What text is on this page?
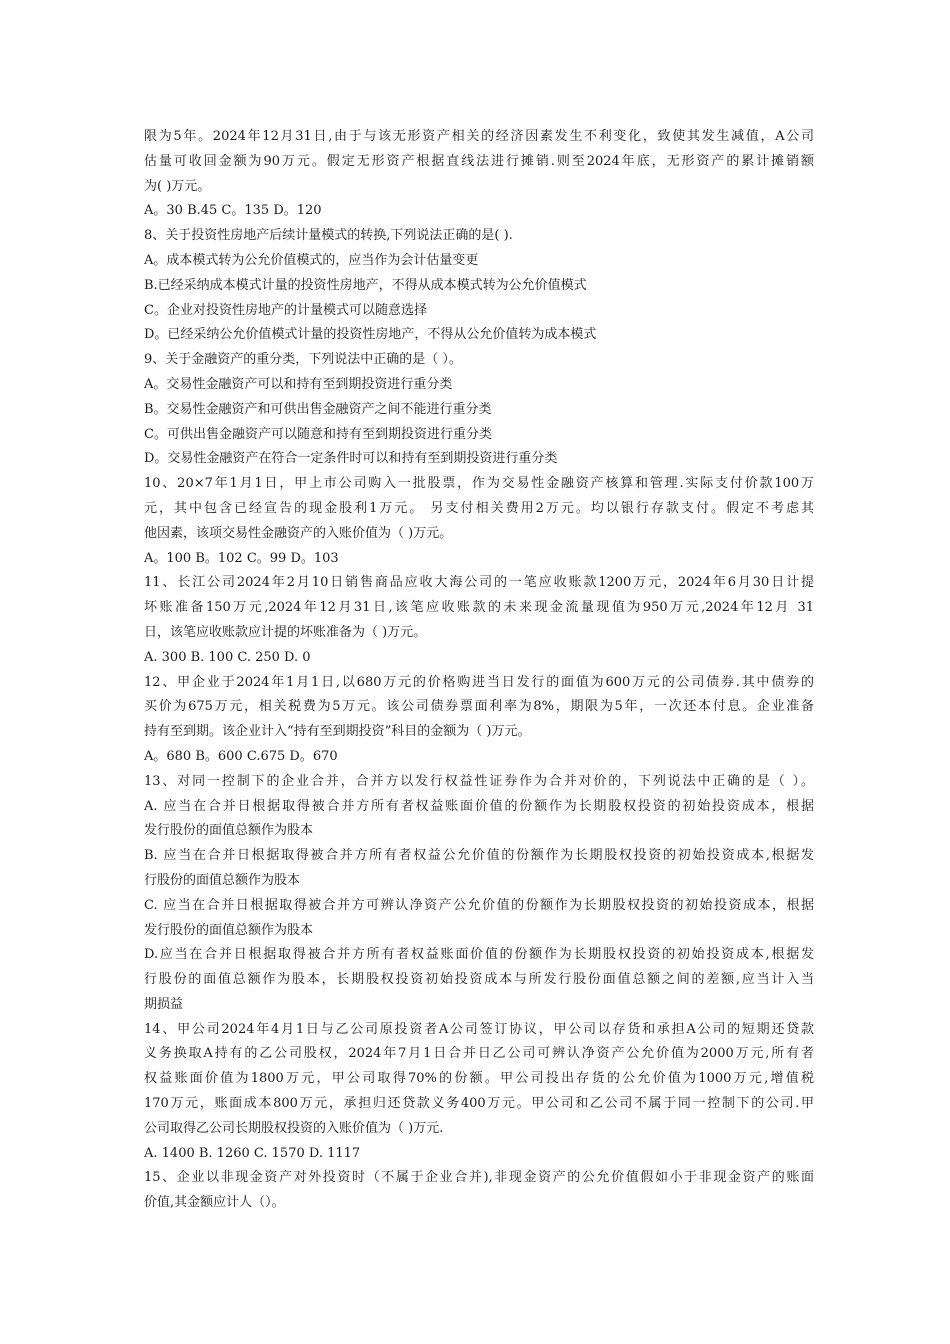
限为5年。2024年12月31日,由于与该无形资产相关的经济因素发生不利变化，致使其发生减值，A公司
估量可收回金额为90万元。假定无形资产根据直线法进行摊销.则至2024年底，无形资产的累计摊销额
为( )万元。
A。30 B.45 C。135 D。120
8、关于投资性房地产后续计量模式的转换,下列说法正确的是( ).
A。成本模式转为公允价值模式的，应当作为会计估量变更
B.已经采纳成本模式计量的投资性房地产，不得从成本模式转为公允价值模式
C。企业对投资性房地产的计量模式可以随意选择
D。已经采纳公允价值模式计量的投资性房地产，不得从公允价值转为成本模式
9、关于金融资产的重分类，下列说法中正确的是（ ）。
A。交易性金融资产可以和持有至到期投资进行重分类
B。交易性金融资产和可供出售金融资产之间不能进行重分类
C。可供出售金融资产可以随意和持有至到期投资进行重分类
D。交易性金融资产在符合一定条件时可以和持有至到期投资进行重分类
10、20×7年1月1日，甲上市公司购入一批股票，作为交易性金融资产核算和管理.实际支付价款100万
元，其中包含已经宣告的现金股利1万元。 另支付相关费用2万元。均以银行存款支付。假定不考虑其
他因素，该项交易性金融资产的入账价值为（ )万元。
A。100 B。102 C。99 D。103
11、长江公司2024年2月10日销售商品应收大海公司的一笔应收账款1200万元，2024年6月30日计提
坏账准备150万元,2024年12月31日,该笔应收账款的未来现金流量现值为950万元,2024年12月 31
日，该笔应收账款应计提的坏账准备为（ )万元。
A. 300 B. 100 C. 250 D. 0
12、甲企业于2024年1月1日,以680万元的价格购进当日发行的面值为600万元的公司债券.其中债券的
买价为675万元，相关税费为5万元。该公司债券票面利率为8%，期限为5年，一次还本付息。企业准备
持有至到期。该企业计入“持有至到期投资”科目的金额为（ )万元。
A。680 B。600 C.675 D。670
13、对同一控制下的企业合并，合并方以发行权益性证券作为合并对价的，下列说法中正确的是（ ）。
A. 应当在合并日根据取得被合并方所有者权益账面价值的份额作为长期股权投资的初始投资成本，根据
发行股份的面值总额作为股本
B. 应当在合并日根据取得被合并方所有者权益公允价值的份额作为长期股权投资的初始投资成本,根据发
行股份的面值总额作为股本
C. 应当在合并日根据取得被合并方可辨认净资产公允价值的份额作为长期股权投资的初始投资成本，根据
发行股份的面值总额作为股本
D.应当在合并日根据取得被合并方所有者权益账面价值的份额作为长期股权投资的初始投资成本,根据发
行股份的面值总额作为股本，长期股权投资初始投资成本与所发行股份面值总额之间的差额,应当计入当
期损益
14、甲公司2024年4月1日与乙公司原投资者A公司签订协议，甲公司以存货和承担A公司的短期还贷款
义务换取A持有的乙公司股权，2024年7月1日合并日乙公司可辨认净资产公允价值为2000万元,所有者
权益账面价值为1800万元，甲公司取得70%的份额。甲公司投出存货的公允价值为1000万元,增值税
170万元，账面成本800万元，承担归还贷款义务400万元。甲公司和乙公司不属于同一控制下的公司.甲
公司取得乙公司长期股权投资的入账价值为（ )万元.
A. 1400 B. 1260 C. 1570 D. 1117
15、企业以非现金资产对外投资时（不属于企业合并),非现金资产的公允价值假如小于非现金资产的账面
价值,其金额应计人（）。
